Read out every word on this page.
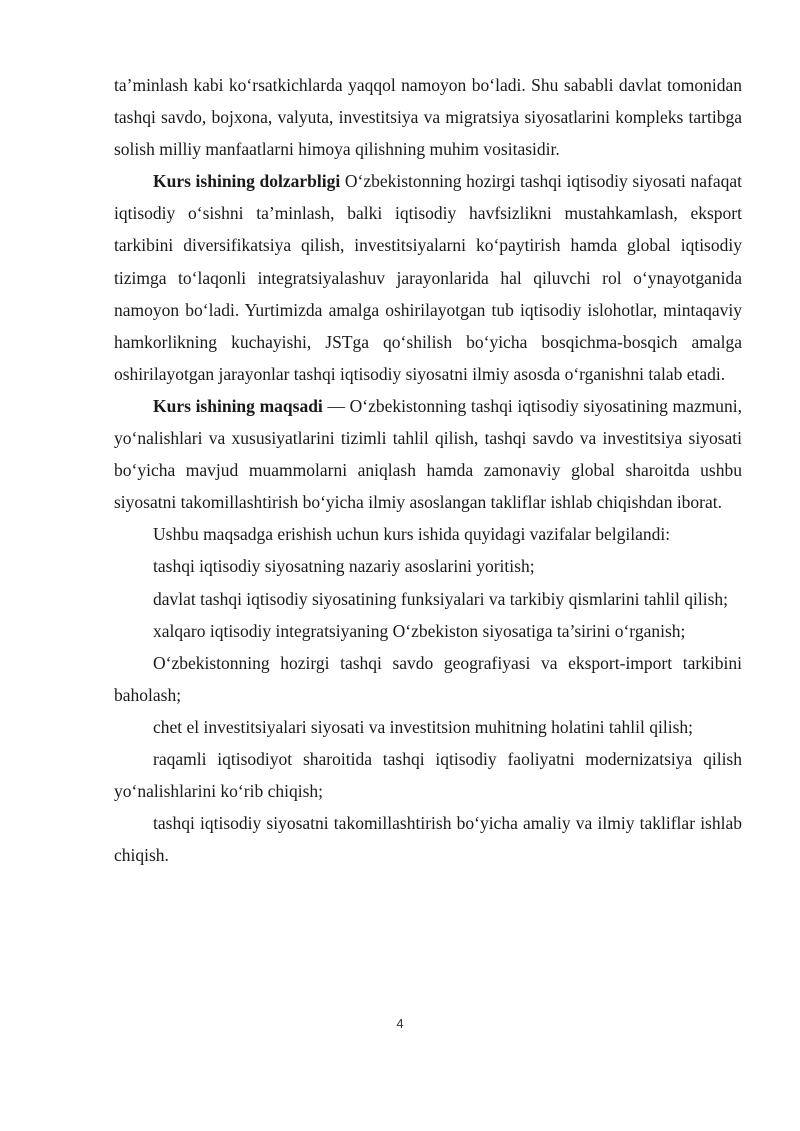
ta’minlash kabi ko‘rsatkichlarda yaqqol namoyon bo‘ladi. Shu sababli davlat tomonidan tashqi savdo, bojxona, valyuta, investitsiya va migratsiya siyosatlarini kompleks tartibga solish milliy manfaatlarni himoya qilishning muhim vositasidir.

Kurs ishining dolzarbligi O‘zbekistonning hozirgi tashqi iqtisodiy siyosati nafaqat iqtisodiy o‘sishni ta’minlash, balki iqtisodiy havfsizlikni mustahkamlash, eksport tarkibini diversifikatsiya qilish, investitsiyalarni ko‘paytirish hamda global iqtisodiy tizimga to‘laqonli integratsiyalashuv jarayonlarida hal qiluvchi rol o‘ynayotganida namoyon bo‘ladi. Yurtimizda amalga oshirilayotgan tub iqtisodiy islohotlar, mintaqaviy hamkorlikning kuchayishi, JSTga qo‘shilish bo‘yicha bosqichma-bosqich amalga oshirilayotgan jarayonlar tashqi iqtisodiy siyosatni ilmiy asosda o‘rganishni talab etadi.

Kurs ishining maqsadi — O‘zbekistonning tashqi iqtisodiy siyosatining mazmuni, yo‘nalishlari va xususiyatlarini tizimli tahlil qilish, tashqi savdo va investitsiya siyosati bo‘yicha mavjud muammolarni aniqlash hamda zamonaviy global sharoitda ushbu siyosatni takomillashtirish bo‘yicha ilmiy asoslangan takliflar ishlab chiqishdan iborat.

Ushbu maqsadga erishish uchun kurs ishida quyidagi vazifalar belgilandi:

tashqi iqtisodiy siyosatning nazariy asoslarini yoritish;

davlat tashqi iqtisodiy siyosatining funksiyalari va tarkibiy qismlarini tahlil qilish;

xalqaro iqtisodiy integratsiyaning O‘zbekiston siyosatiga ta’sirini o‘rganish;

O‘zbekistonning hozirgi tashqi savdo geografiyasi va eksport-import tarkibini baholash;

chet el investitsiyalari siyosati va investitsion muhitning holatini tahlil qilish;

raqamli iqtisodiyot sharoitida tashqi iqtisodiy faoliyatni modernizatsiya qilish yo‘nalishlarini ko‘rib chiqish;

tashqi iqtisodiy siyosatni takomillashtirish bo‘yicha amaliy va ilmiy takliflar ishlab chiqish.

4
